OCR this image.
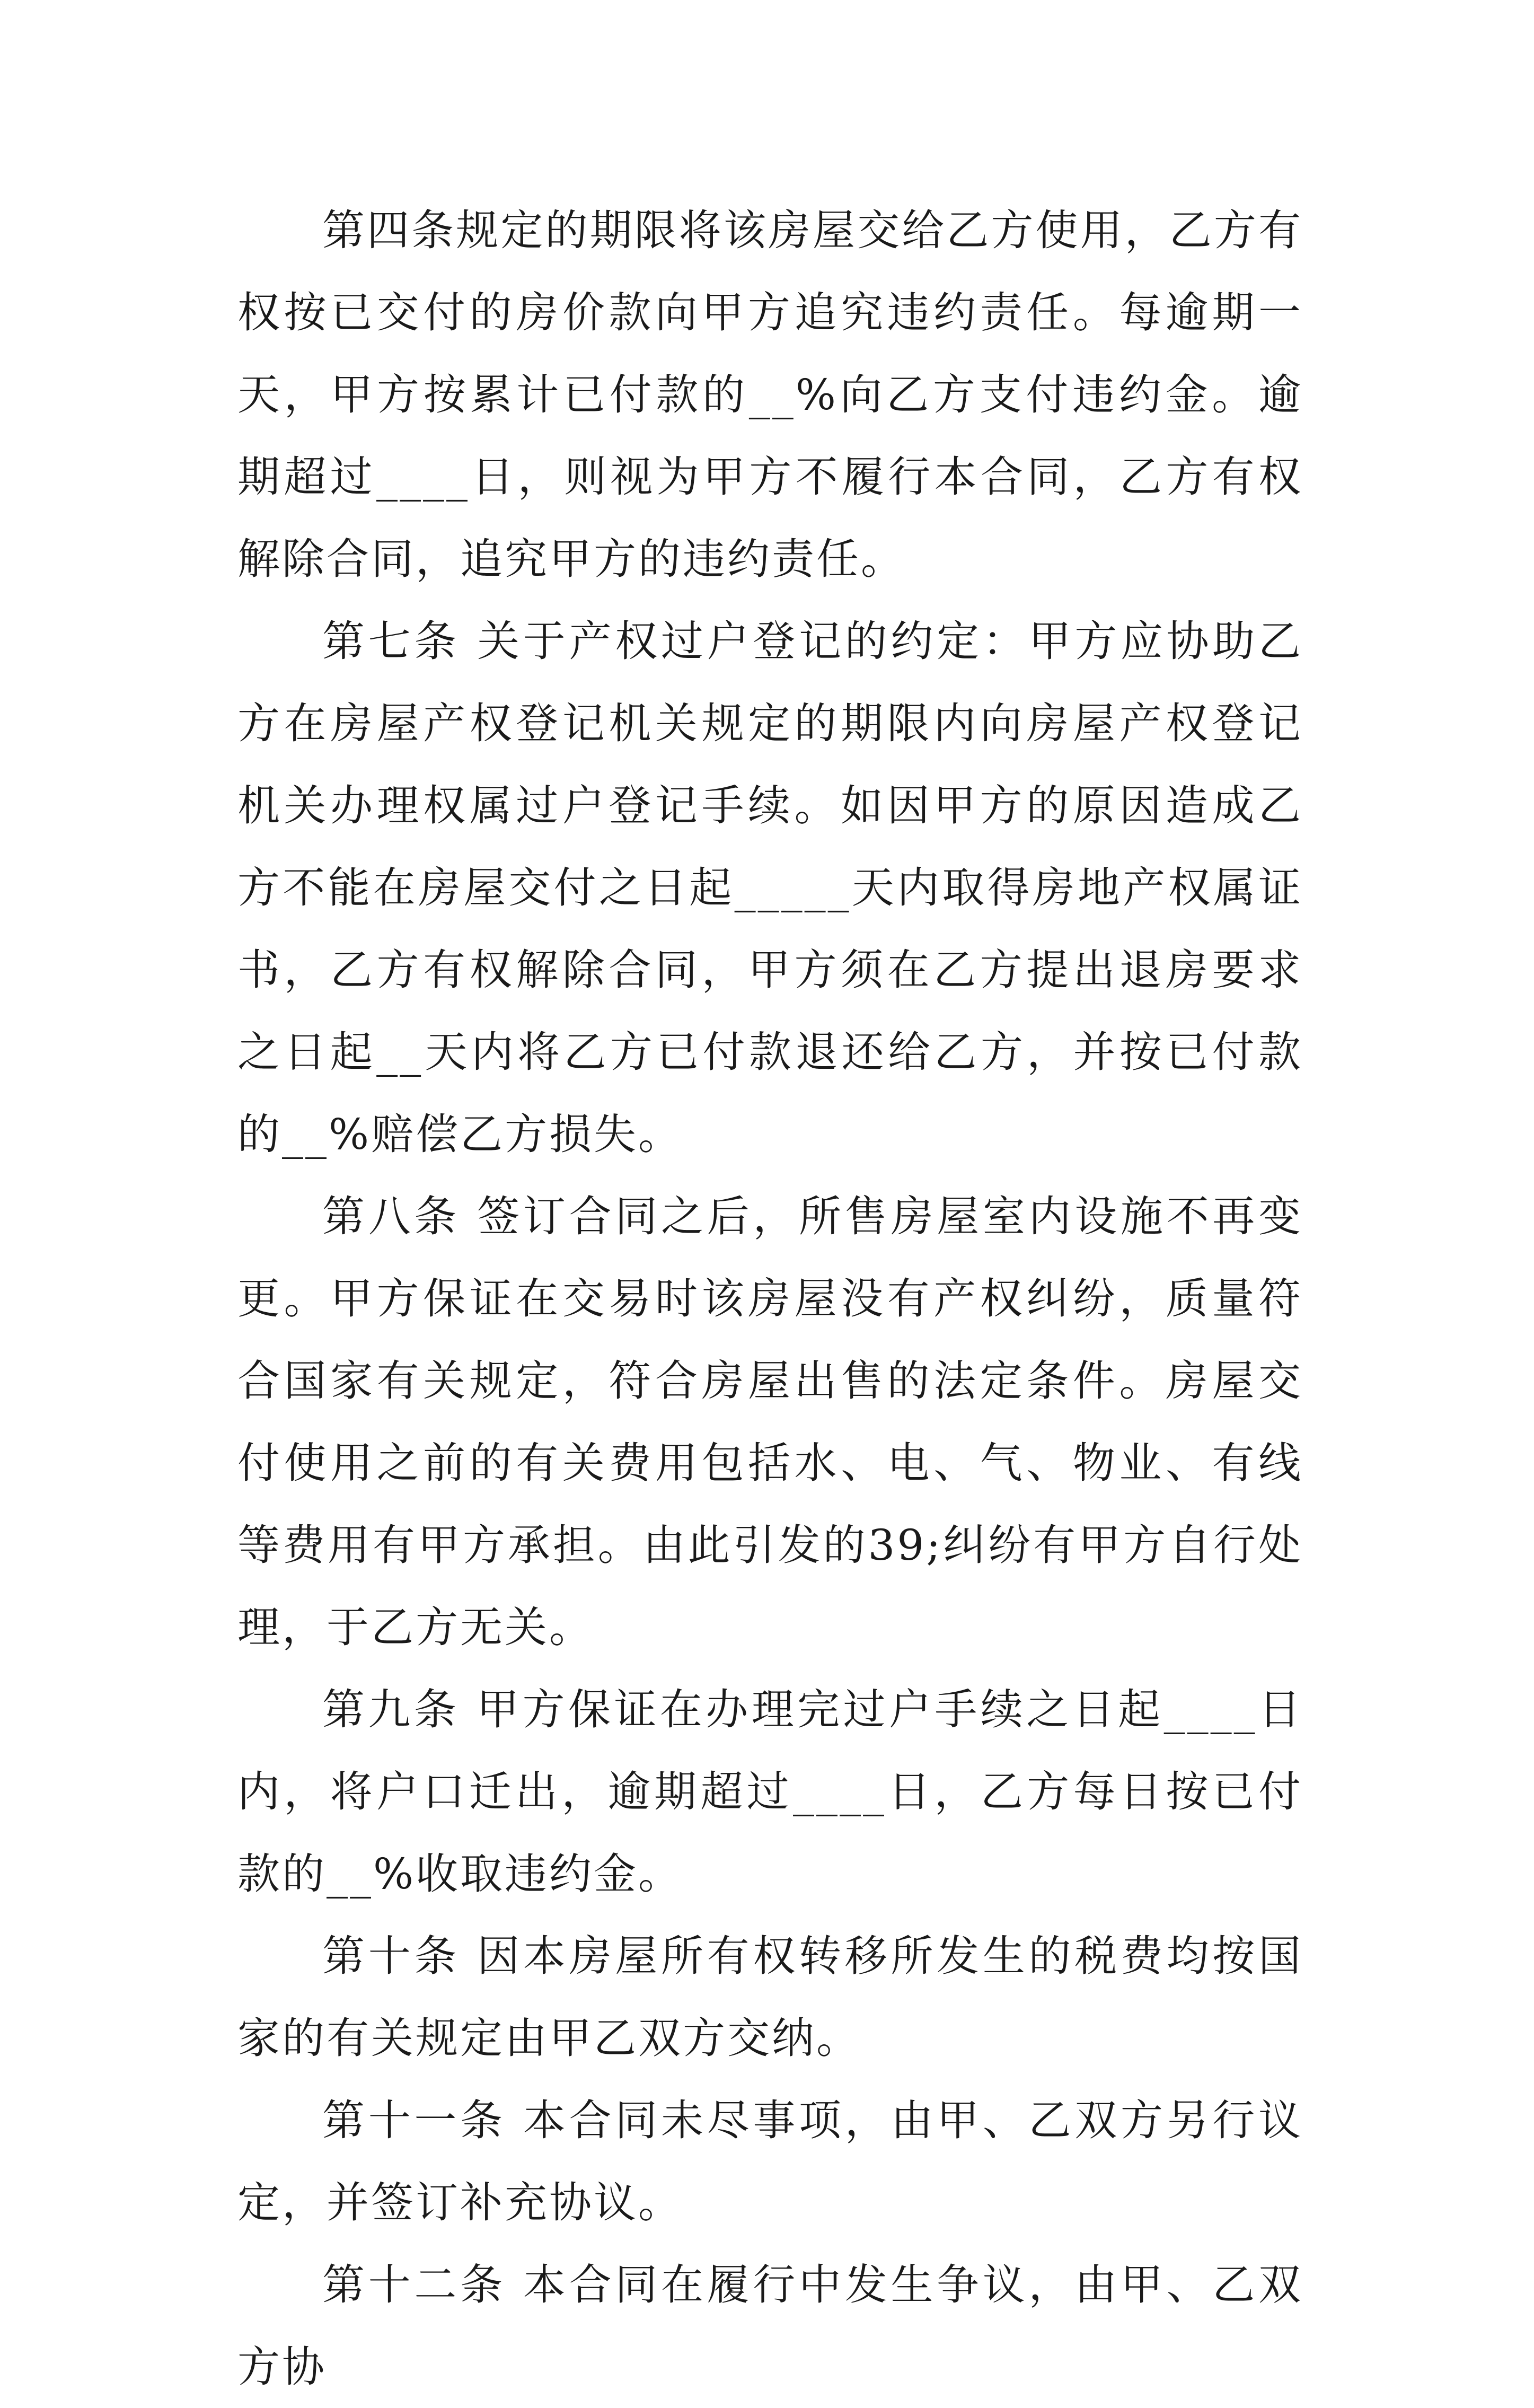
第四条规定的期限将该房屋交给乙方使用，乙方有权按已交付的房价款向甲方追究违约责任。每逾期一天，甲方按累计已付款的__%向乙方支付违约金。逾期超过____日，则视为甲方不履行本合同，乙方有权解除合同，追究甲方的违约责任。

第七条 关于产权过户登记的约定：甲方应协助乙方在房屋产权登记机关规定的期限内向房屋产权登记机关办理权属过户登记手续。如因甲方的原因造成乙方不能在房屋交付之日起_____天内取得房地产权属证书，乙方有权解除合同，甲方须在乙方提出退房要求之日起__天内将乙方已付款退还给乙方，并按已付款的__%赔偿乙方损失。

第八条 签订合同之后，所售房屋室内设施不再变更。甲方保证在交易时该房屋没有产权纠纷，质量符合国家有关规定，符合房屋出售的法定条件。房屋交付使用之前的有关费用包括水、电、气、物业、有线等费用有甲方承担。由此引发的39;纠纷有甲方自行处理，于乙方无关。

第九条 甲方保证在办理完过户手续之日起____日内，将户口迁出，逾期超过____日，乙方每日按已付款的__%收取违约金。

第十条 因本房屋所有权转移所发生的税费均按国家的有关规定由甲乙双方交纳。

第十一条 本合同未尽事项，由甲、乙双方另行议定，并签订补充协议。

第十二条 本合同在履行中发生争议，由甲、乙双方协
